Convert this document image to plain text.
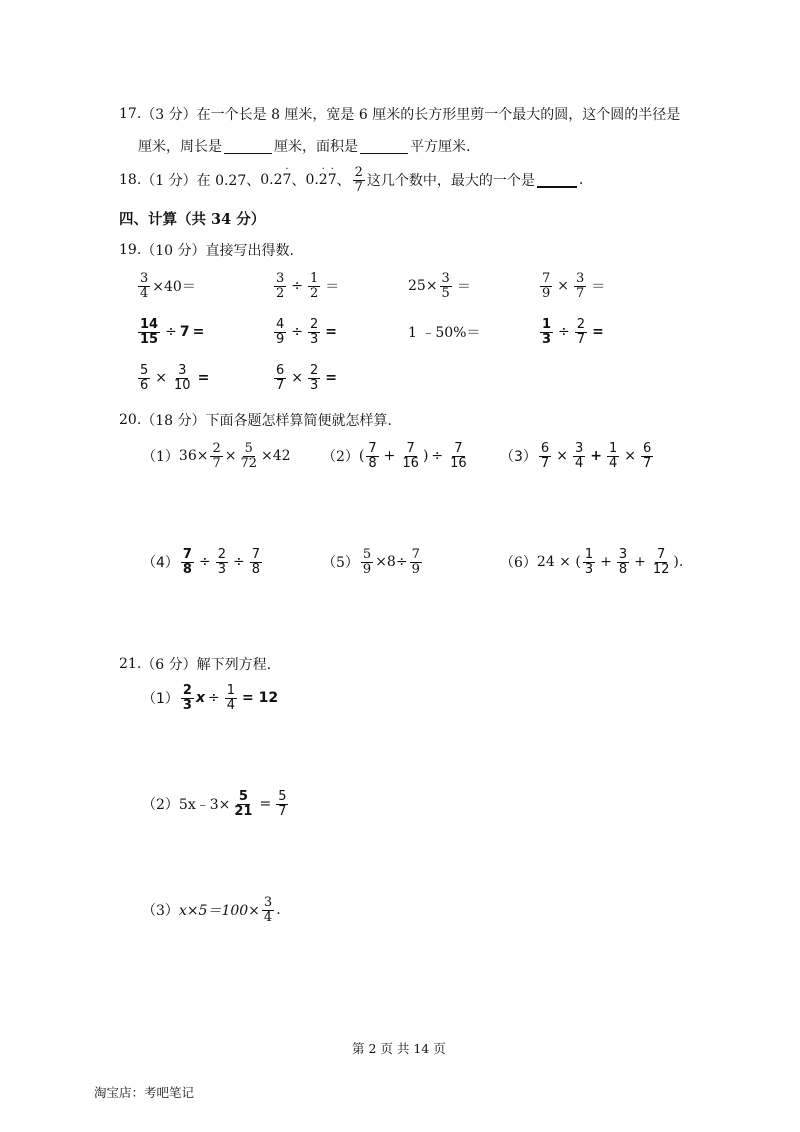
17. （3 分） 在一个长是 8 厘米，宽是 6 厘米的长方形里剪一个最大的圆，这个圆的半径是
厘米，周长是	厘米，面积是	平方厘米.
18. （1 分） 在 0.27、 0.27
·
、 0.2
·
7
·
、 $\frac{2}{7}$ 这几个数中，最大的一个是	.
四、计算（共 34 分）
19. （10 分） 直接写出得数.
$\frac{3}{4} \times 40=$	$\frac{3}{2} \div \frac{1}{2}$ ＝	$25\times \frac{3}{5}$ ＝	$\frac{7}{9} \times \frac{3}{7}$ ＝
$\frac{14}{15} \div 7$ =	$\frac{4}{9} \div \frac{2}{3}$ =	1 ﹣50%＝	$\frac{1}{3} \div \frac{2}{7}$ =
$\frac{5}{6} \times \frac{3}{10}$ =	$\frac{6}{7} \times \frac{2}{3}$ =
20. （18 分） 下面各题怎样算简便就怎样算.
（1） $36\times \frac{2}{7} \times \frac{5}{72} \times 42$ （2） ( $\frac{7}{8} + \frac{7}{16}$ ) ÷ $\frac{7}{16} (3) \frac{6}{7} \times \frac{3}{4} + \frac{1}{4} \times \frac{6}{7}$
$(4) \frac{7}{8} \div \frac{2}{3} \div \frac{7}{8}$	$(5) \frac{5}{9} \times 8\div \frac{7}{9}$	（6） 24 × ( $\frac{1}{3} + \frac{3}{8} + \frac{7}{12}$ ).
21. （6 分） 解下列方程.
$(1) \frac{2}{3}$ $x \div \frac{1}{4} = 12$
（2） 5x﹣3× $\frac{5}{21} = \frac{5}{7}$
（3） $x\times 5=100\times \frac{3}{4}$ .
第 2 页 共 14 页
淘宝店：考吧笔记
